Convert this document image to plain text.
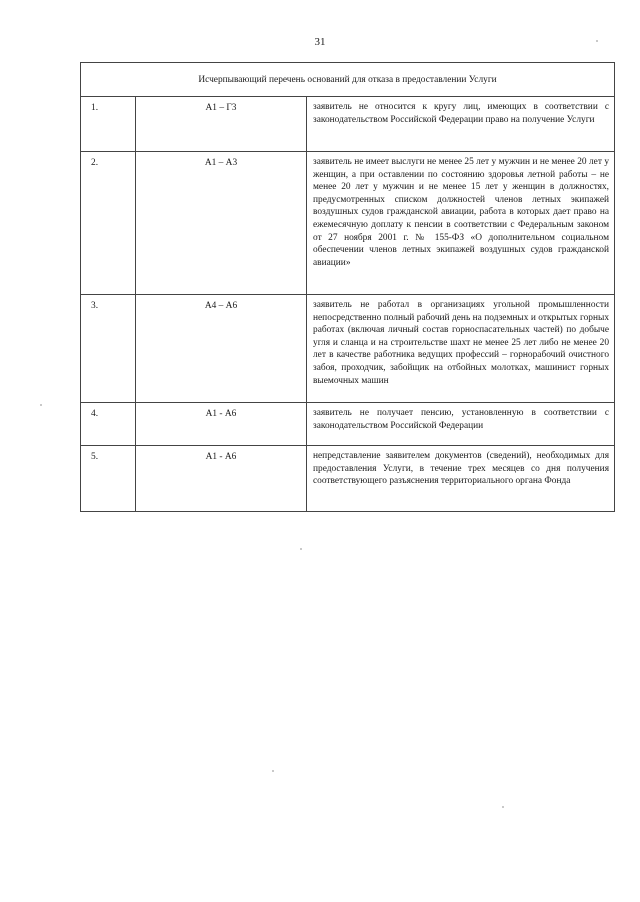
31
Исчерпывающий перечень оснований для отказа в предоставлении Услуги		
1.	А1 – Г3	заявитель не относится к кругу лиц, имеющих в соответствии с законодательством Российской Федерации право на получение Услуги
2.	А1 – А3	заявитель не имеет выслуги не менее 25 лет у мужчин и не менее 20 лет у женщин, а при оставлении по состоянию здоровья летной работы – не менее 20 лет у мужчин и не менее 15 лет у женщин в должностях, предусмотренных списком должностей членов летных экипажей воздушных судов гражданской авиации, работа в которых дает право на ежемесячную доплату к пенсии в соответствии с Федеральным законом от 27 ноября 2001 г. № 155-ФЗ «О дополнительном социальном обеспечении членов летных экипажей воздушных судов гражданской авиации»
3.	А4 – А6	заявитель не работал в организациях угольной промышленности непосредственно полный рабочий день на подземных и открытых горных работах (включая личный состав горноспасательных частей) по добыче угля и сланца и на строительстве шахт не менее 25 лет либо не менее 20 лет в качестве работника ведущих профессий – горнорабочий очистного забоя, проходчик, забойщик на отбойных молотках, машинист горных выемочных машин
4.	А1 - А6	заявитель не получает пенсию, установленную в соответствии с законодательством Российской Федерации
5.	А1 - А6	непредставление заявителем документов (сведений), необходимых для предоставления Услуги, в течение трех месяцев со дня получения соответствующего разъяснения территориального органа Фонда
